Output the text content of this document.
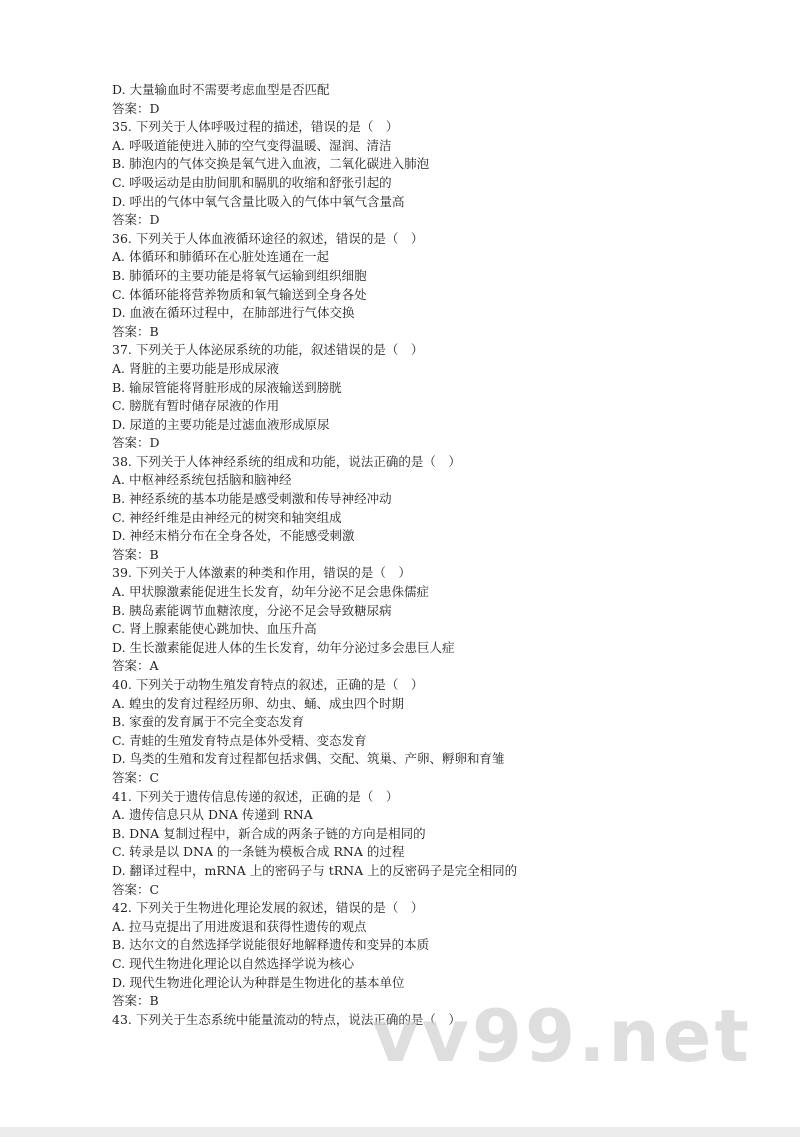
D. 大量输血时不需要考虑血型是否匹配
答案：D
35. 下列关于人体呼吸过程的描述，错误的是（　）
A. 呼吸道能使进入肺的空气变得温暖、湿润、清洁
B. 肺泡内的气体交换是氧气进入血液，二氧化碳进入肺泡
C. 呼吸运动是由肋间肌和膈肌的收缩和舒张引起的
D. 呼出的气体中氧气含量比吸入的气体中氧气含量高
答案：D
36. 下列关于人体血液循环途径的叙述，错误的是（　）
A. 体循环和肺循环在心脏处连通在一起
B. 肺循环的主要功能是将氧气运输到组织细胞
C. 体循环能将营养物质和氧气输送到全身各处
D. 血液在循环过程中，在肺部进行气体交换
答案：B
37. 下列关于人体泌尿系统的功能，叙述错误的是（　）
A. 肾脏的主要功能是形成尿液
B. 输尿管能将肾脏形成的尿液输送到膀胱
C. 膀胱有暂时储存尿液的作用
D. 尿道的主要功能是过滤血液形成原尿
答案：D
38. 下列关于人体神经系统的组成和功能，说法正确的是（　）
A. 中枢神经系统包括脑和脑神经
B. 神经系统的基本功能是感受刺激和传导神经冲动
C. 神经纤维是由神经元的树突和轴突组成
D. 神经末梢分布在全身各处，不能感受刺激
答案：B
39. 下列关于人体激素的种类和作用，错误的是（　）
A. 甲状腺激素能促进生长发育，幼年分泌不足会患侏儒症
B. 胰岛素能调节血糖浓度，分泌不足会导致糖尿病
C. 肾上腺素能使心跳加快、血压升高
D. 生长激素能促进人体的生长发育，幼年分泌过多会患巨人症
答案：A
40. 下列关于动物生殖发育特点的叙述，正确的是（　）
A. 蝗虫的发育过程经历卵、幼虫、蛹、成虫四个时期
B. 家蚕的发育属于不完全变态发育
C. 青蛙的生殖发育特点是体外受精、变态发育
D. 鸟类的生殖和发育过程都包括求偶、交配、筑巢、产卵、孵卵和育雏
答案：C
41. 下列关于遗传信息传递的叙述，正确的是（　）
A. 遗传信息只从 DNA 传递到 RNA
B. DNA 复制过程中，新合成的两条子链的方向是相同的
C. 转录是以 DNA 的一条链为模板合成 RNA 的过程
D. 翻译过程中，mRNA 上的密码子与 tRNA 上的反密码子是完全相同的
答案：C
42. 下列关于生物进化理论发展的叙述，错误的是（　）
A. 拉马克提出了用进废退和获得性遗传的观点
B. 达尔文的自然选择学说能很好地解释遗传和变异的本质
C. 现代生物进化理论以自然选择学说为核心
D. 现代生物进化理论认为种群是生物进化的基本单位
答案：B
43. 下列关于生态系统中能量流动的特点，说法正确的是（　）
vv99.net
